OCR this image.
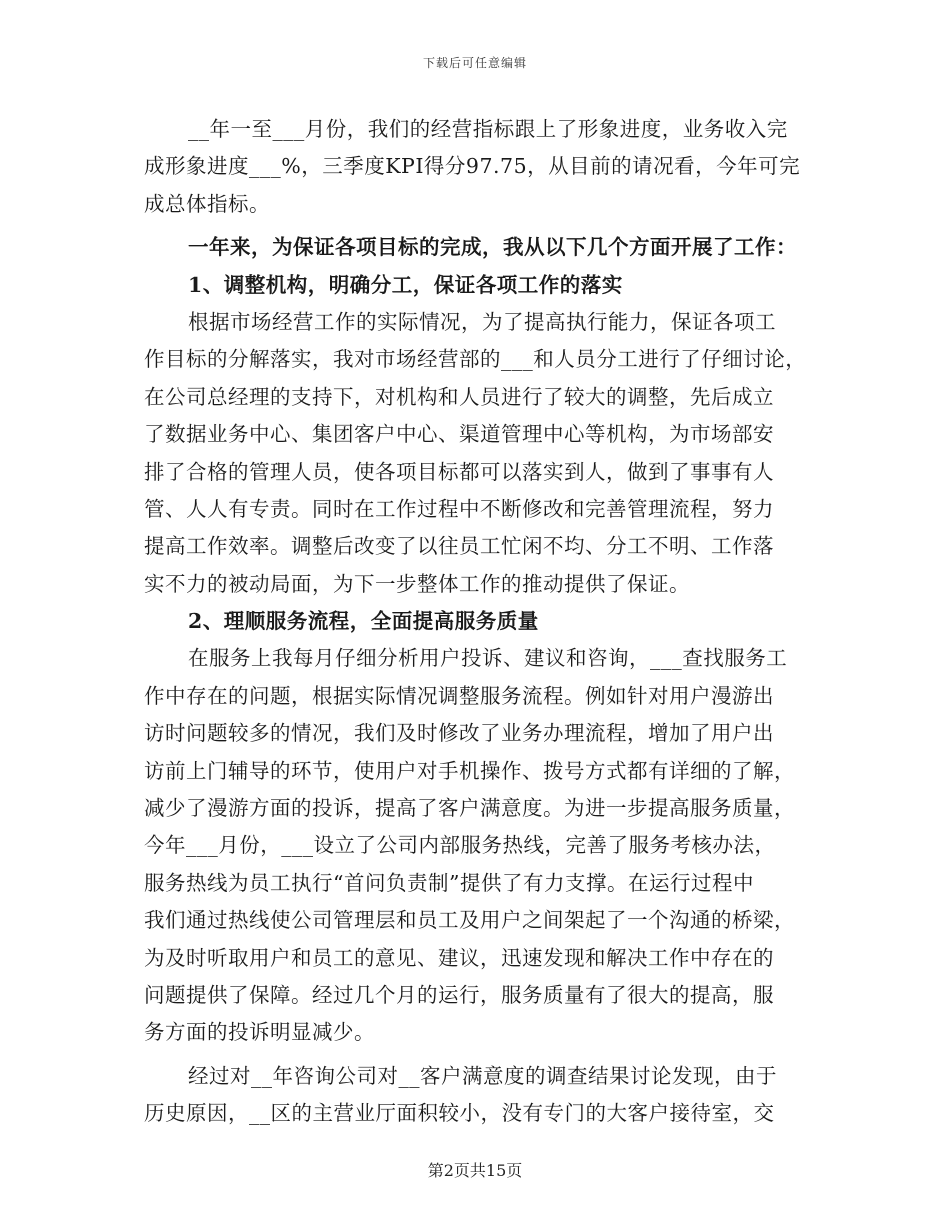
下载后可任意编辑
__年一至___月份，我们的经营指标跟上了形象进度，业务收入完
成形象进度___%，三季度KPI得分97.75，从目前的请况看，今年可完
成总体指标。
一年来，为保证各项目标的完成，我从以下几个方面开展了工作：
1、调整机构，明确分工，保证各项工作的落实
根据市场经营工作的实际情况，为了提高执行能力，保证各项工
作目标的分解落实，我对市场经营部的___和人员分工进行了仔细讨论，
在公司总经理的支持下，对机构和人员进行了较大的调整，先后成立
了数据业务中心、集团客户中心、渠道管理中心等机构，为市场部安
排了合格的管理人员，使各项目标都可以落实到人，做到了事事有人
管、人人有专责。同时在工作过程中不断修改和完善管理流程，努力
提高工作效率。调整后改变了以往员工忙闲不均、分工不明、工作落
实不力的被动局面，为下一步整体工作的推动提供了保证。
2、理顺服务流程，全面提高服务质量
在服务上我每月仔细分析用户投诉、建议和咨询，___查找服务工
作中存在的问题，根据实际情况调整服务流程。例如针对用户漫游出
访时问题较多的情况，我们及时修改了业务办理流程，增加了用户出
访前上门辅导的环节，使用户对手机操作、拨号方式都有详细的了解，
减少了漫游方面的投诉，提高了客户满意度。为进一步提高服务质量，
今年___月份，___设立了公司内部服务热线，完善了服务考核办法，
服务热线为员工执行“首问负责制”提供了有力支撑。在运行过程中
我们通过热线使公司管理层和员工及用户之间架起了一个沟通的桥梁，
为及时听取用户和员工的意见、建议，迅速发现和解决工作中存在的
问题提供了保障。经过几个月的运行，服务质量有了很大的提高，服
务方面的投诉明显减少。
经过对__年咨询公司对__客户满意度的调查结果讨论发现，由于
历史原因，__区的主营业厅面积较小，没有专门的大客户接待室，交
第2页共15页
